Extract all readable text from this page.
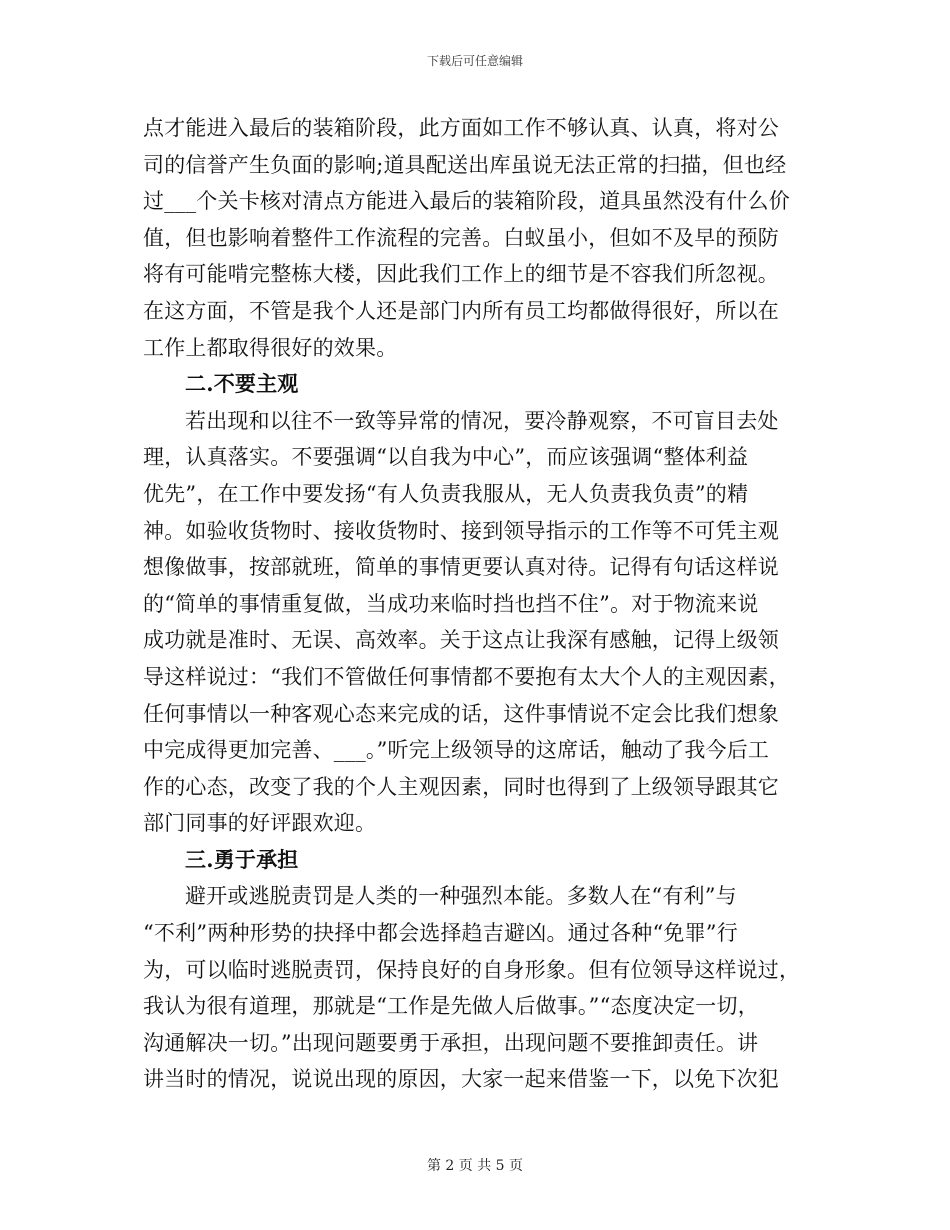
下载后可任意编辑
点才能进入最后的装箱阶段，此方面如工作不够认真、认真，将对公
司的信誉产生负面的影响;道具配送出库虽说无法正常的扫描，但也经
过___个关卡核对清点方能进入最后的装箱阶段，道具虽然没有什么价
值，但也影响着整件工作流程的完善。白蚁虽小，但如不及早的预防
将有可能啃完整栋大楼，因此我们工作上的细节是不容我们所忽视。
在这方面，不管是我个人还是部门内所有员工均都做得很好，所以在
工作上都取得很好的效果。
二.不要主观
若出现和以往不一致等异常的情况，要冷静观察，不可盲目去处
理，认真落实。不要强调“以自我为中心”，而应该强调“整体利益
优先”，在工作中要发扬“有人负责我服从，无人负责我负责”的精
神。如验收货物时、接收货物时、接到领导指示的工作等不可凭主观
想像做事，按部就班，简单的事情更要认真对待。记得有句话这样说
的“简单的事情重复做，当成功来临时挡也挡不住”。对于物流来说
成功就是准时、无误、高效率。关于这点让我深有感触，记得上级领
导这样说过：“我们不管做任何事情都不要抱有太大个人的主观因素，
任何事情以一种客观心态来完成的话，这件事情说不定会比我们想象
中完成得更加完善、___。”听完上级领导的这席话，触动了我今后工
作的心态，改变了我的个人主观因素，同时也得到了上级领导跟其它
部门同事的好评跟欢迎。
三.勇于承担
避开或逃脱责罚是人类的一种强烈本能。多数人在“有利”与
“不利”两种形势的抉择中都会选择趋吉避凶。通过各种“免罪”行
为，可以临时逃脱责罚，保持良好的自身形象。但有位领导这样说过，
我认为很有道理，那就是“工作是先做人后做事。”“态度决定一切，
沟通解决一切。”出现问题要勇于承担，出现问题不要推卸责任。讲
讲当时的情况，说说出现的原因，大家一起来借鉴一下，以免下次犯
第 2 页 共 5 页
